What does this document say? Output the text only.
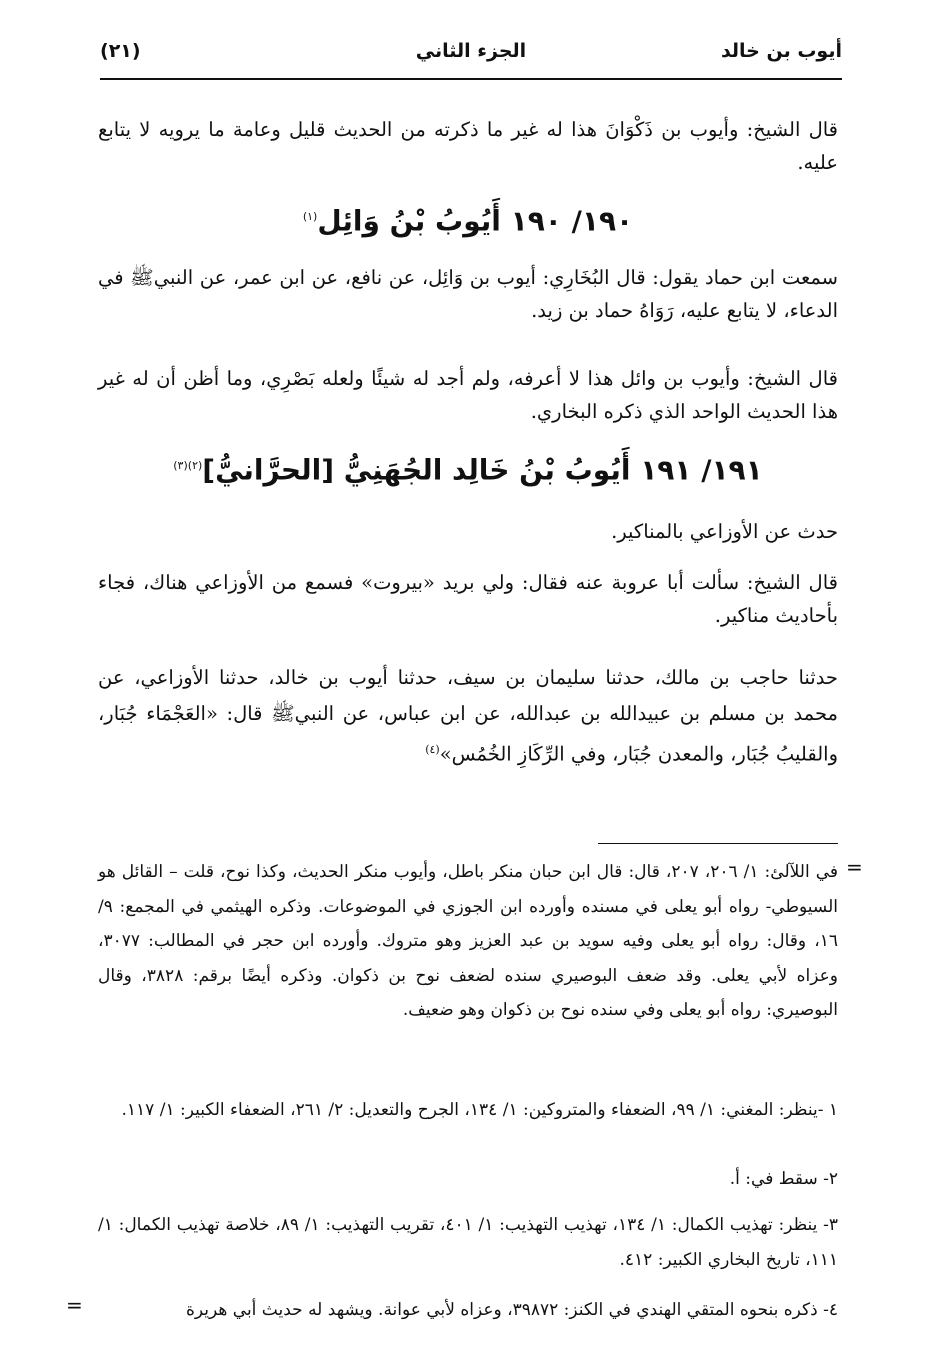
أيوب بن خالد
الجزء الثاني
(٢١)
قال الشيخ: وأيوب بن ذَكْوَانَ هذا له غير ما ذكرته من الحديث قليل وعامة ما يرويه لا يتابع عليه.
١٩٠/ ١٩٠ أَيُوبُ بْنُ وَائِل$^{(١)}$
سمعت ابن حماد يقول: قال البُخَارِي: أيوب بن وَائِل، عن نافع، عن ابن عمر، عن النبيﷺ في الدعاء، لا يتابع عليه، رَوَاهُ حماد بن زيد.
قال الشيخ: وأيوب بن وائل هذا لا أعرفه، ولم أجد له شيئًا ولعله بَصْرِي، وما أظن أن له غير هذا الحديث الواحد الذي ذكره البخاري.
١٩١/ ١٩١ أَيُوبُ بْنُ خَالِد الجُهَنِيُّ [الحرَّانيُّ]$^{(٢)(٣)}$
حدث عن الأوزاعي بالمناكير.
قال الشيخ: سألت أبا عروبة عنه فقال: ولي بريد «بيروت» فسمع من الأوزاعي هناك، فجاء بأحاديث مناكير.
حدثنا حاجب بن مالك، حدثنا سليمان بن سيف، حدثنا أيوب بن خالد، حدثنا الأوزاعي، عن محمد بن مسلم بن عبيدالله بن عبدالله، عن ابن عباس، عن النبيﷺ قال: «العَجْمَاء جُبَار، والقليبُ جُبَار، والمعدن جُبَار، وفي الرِّكَازِ الخُمُس»$^{(٤)}$
=
في اللآلئ: ١/ ٢٠٦، ٢٠٧، قال: قال ابن حبان منكر باطل، وأيوب منكر الحديث، وكذا نوح، قلت – القائل هو السيوطي- رواه أبو يعلى في مسنده وأورده ابن الجوزي في الموضوعات. وذكره الهيثمي في المجمع: ٩/ ١٦، وقال: رواه أبو يعلى وفيه سويد بن عبد العزيز وهو متروك. وأورده ابن حجر في المطالب: ٣٠٧٧، وعزاه لأبي يعلى. وقد ضعف البوصيري سنده لضعف نوح بن ذكوان. وذكره أيضًا برقم: ٣٨٢٨، وقال البوصيري: رواه أبو يعلى وفي سنده نوح بن ذكوان وهو ضعيف.
١ -ينظر: المغني: ١/ ٩٩، الضعفاء والمتروكين: ١/ ١٣٤، الجرح والتعديل: ٢/ ٢٦١، الضعفاء الكبير: ١/ ١١٧.
٢- سقط في: أ.
٣- ينظر: تهذيب الكمال: ١/ ١٣٤، تهذيب التهذيب: ١/ ٤٠١، تقريب التهذيب: ١/ ٨٩، خلاصة تهذيب الكمال: ١/ ١١١، تاريخ البخاري الكبير: ٤١٢.
٤- ذكره بنحوه المتقي الهندي في الكنز: ٣٩٨٧٢، وعزاه لأبي عوانة. ويشهد له حديث أبي هريرة
=
